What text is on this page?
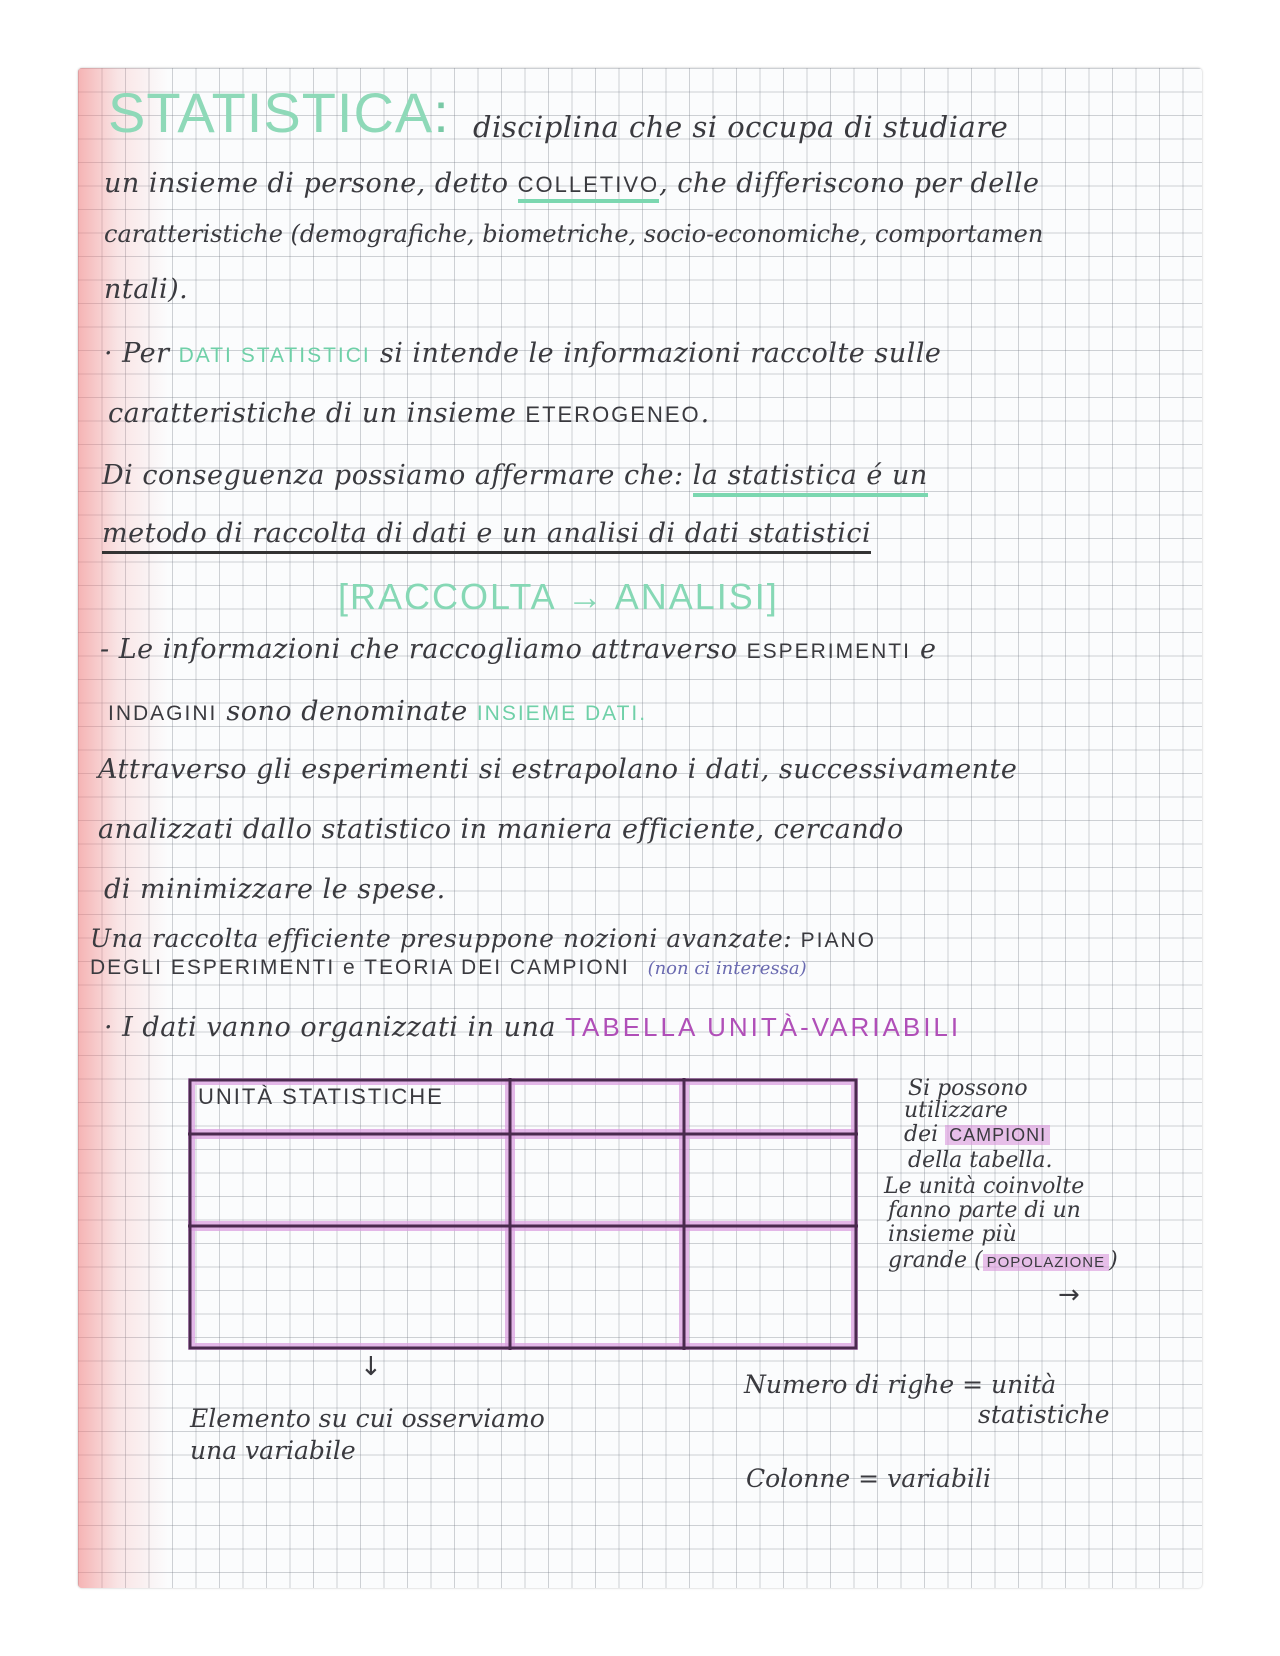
STATISTICA: disciplina che si occupa di studiare
un insieme di persone, detto COLLETIVO, che differiscono per delle
caratteristiche (demografiche, biometriche, socio-economiche, comportamen
ntali).
· Per DATI STATISTICI si intende le informazioni raccolte sulle
caratteristiche di un insieme ETEROGENEO.
Di conseguenza possiamo affermare che: la statistica é un
metodo di raccolta di dati e un analisi di dati statistici
[RACCOLTA → ANALISI]
- Le informazioni che raccogliamo attraverso ESPERIMENTI e
INDAGINI sono denominate INSIEME DATI.
Attraverso gli esperimenti si estrapolano i dati, successivamente
analizzati dallo statistico in maniera efficiente, cercando
di minimizzare le spese.
Una raccolta efficiente presuppone nozioni avanzate: PIANO
DEGLI ESPERIMENTI e TEORIA DEI CAMPIONI (non ci interessa)
· I dati vanno organizzati in una TABELLA UNITÀ-VARIABILI
UNITÀ STATISTICHE	Si possono
utilizzare
dei CAMPIONI
della tabella.
Le unità coinvolte
fanno parte di un
insieme più
grande ( POPOLAZIONE )
→
↓
Elemento su cui osserviamo
una variabile
Numero di righe = unità
statistiche
Colonne = variabili
